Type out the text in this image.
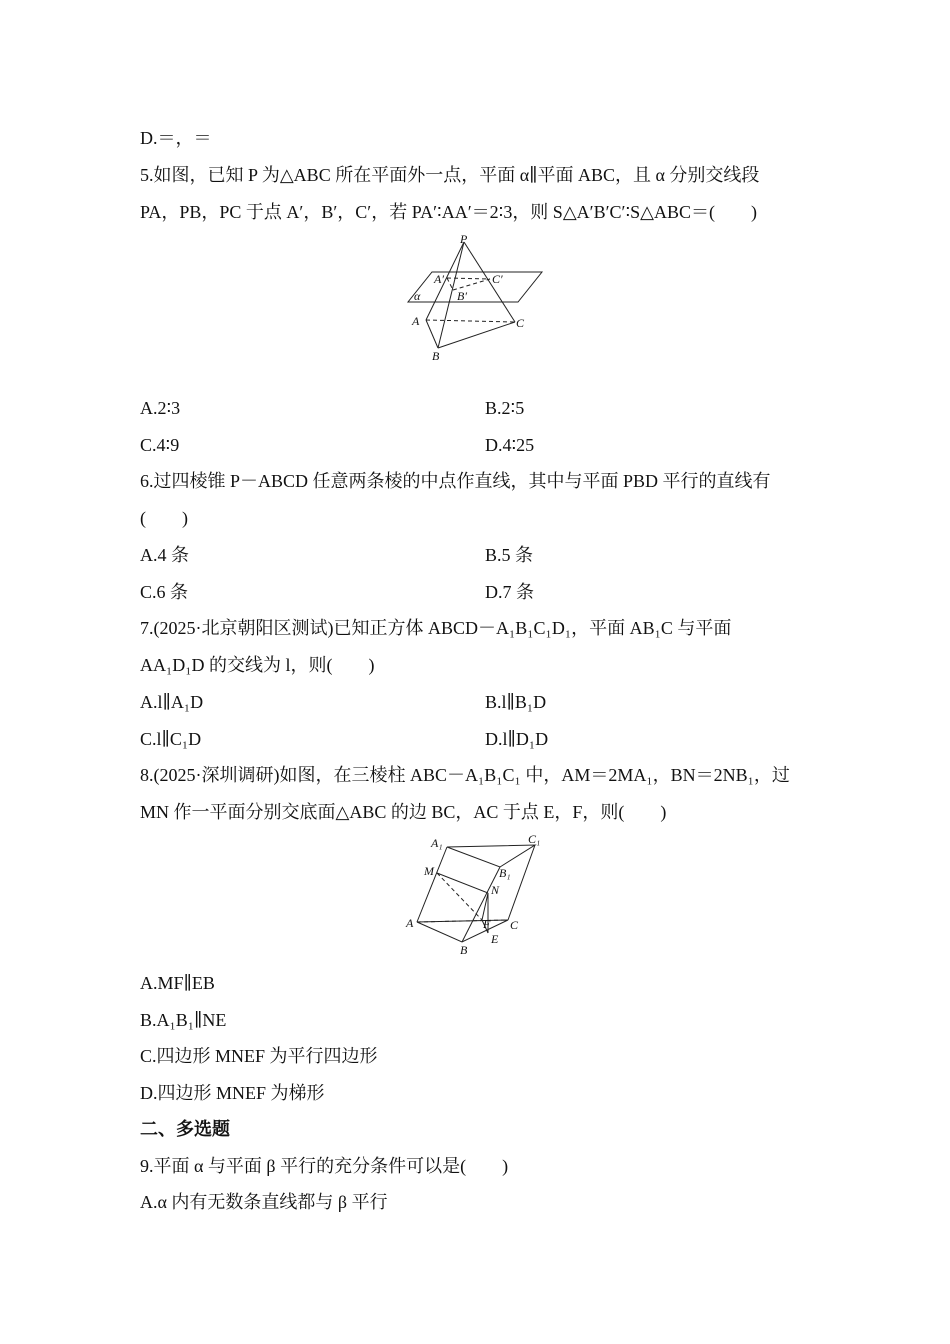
D.＝，＝
5.如图，已知 P 为△ABC 所在平面外一点，平面 α∥平面 ABC，且 α 分别交线段
PA，PB，PC 于点 A′，B′，C′，若 PA′∶AA′＝2∶3，则 S△A′B′C′∶S△ABC＝(　　)
P
A′
B′
C′
α
A
B
C
A.2∶3	B.2∶5
C.4∶9	D.4∶25
6.过四棱锥 P－ABCD 任意两条棱的中点作直线，其中与平面 PBD 平行的直线有
(　　)
A.4 条	B.5 条
C.6 条	D.7 条
7.(2025·北京朝阳区测试)已知正方体 ABCD－A₁B₁C₁D₁，平面 AB₁C 与平面
AA₁D₁D 的交线为 l，则(　　)
A.l∥A₁D	B.l∥B₁D
C.l∥C₁D	D.l∥D₁D
8.(2025·深圳调研)如图，在三棱柱 ABC－A₁B₁C₁ 中，AM＝2MA₁，BN＝2NB₁，过
MN 作一平面分别交底面△ABC 的边 BC，AC 于点 E，F，则(　　)
A₁	C₁
B₁
M
N
F
A	C
E
B
A.MF∥EB
B.A₁B₁∥NE
C.四边形 MNEF 为平行四边形
D.四边形 MNEF 为梯形
二、多选题
9.平面 α 与平面 β 平行的充分条件可以是(　　)
A.α 内有无数条直线都与 β 平行
